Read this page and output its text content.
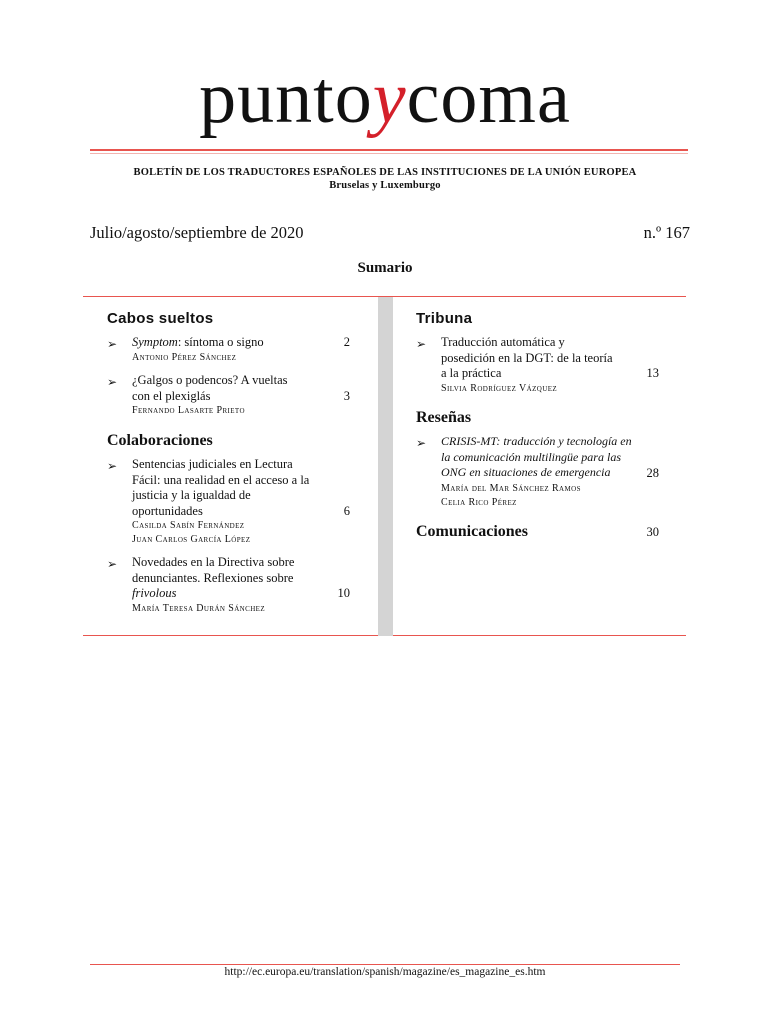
puntoycoma
BOLETÍN DE LOS TRADUCTORES ESPAÑOLES DE LAS INSTITUCIONES DE LA UNIÓN EUROPEA
Bruselas y Luxemburgo
Julio/agosto/septiembre de 2020	n.º 167
Sumario
Cabos sueltos
➢ Symptom: síntoma o signo	2
Antonio Pérez Sánchez
➢ ¿Galgos o podencos? A vueltas
con el plexiglás	3
Fernando Lasarte Prieto
Colaboraciones
➢ Sentencias judiciales en Lectura
Fácil: una realidad en el acceso a la
justicia y la igualdad de
oportunidades	6
Casilda Sabín Fernández
Juan Carlos García López
➢ Novedades en la Directiva sobre
denunciantes. Reflexiones sobre
frivolous	10
María Teresa Durán Sánchez
Tribuna
➢ Traducción automática y
posedición en la DGT: de la teoría
a la práctica	13
Silvia Rodríguez Vázquez
Reseñas
➢ CRISIS-MT: traducción y tecnología en
la comunicación multilingüe para las
ONG en situaciones de emergencia	28
María del Mar Sánchez Ramos
Celia Rico Pérez
Comunicaciones	30
http://ec.europa.eu/translation/spanish/magazine/es_magazine_es.htm
